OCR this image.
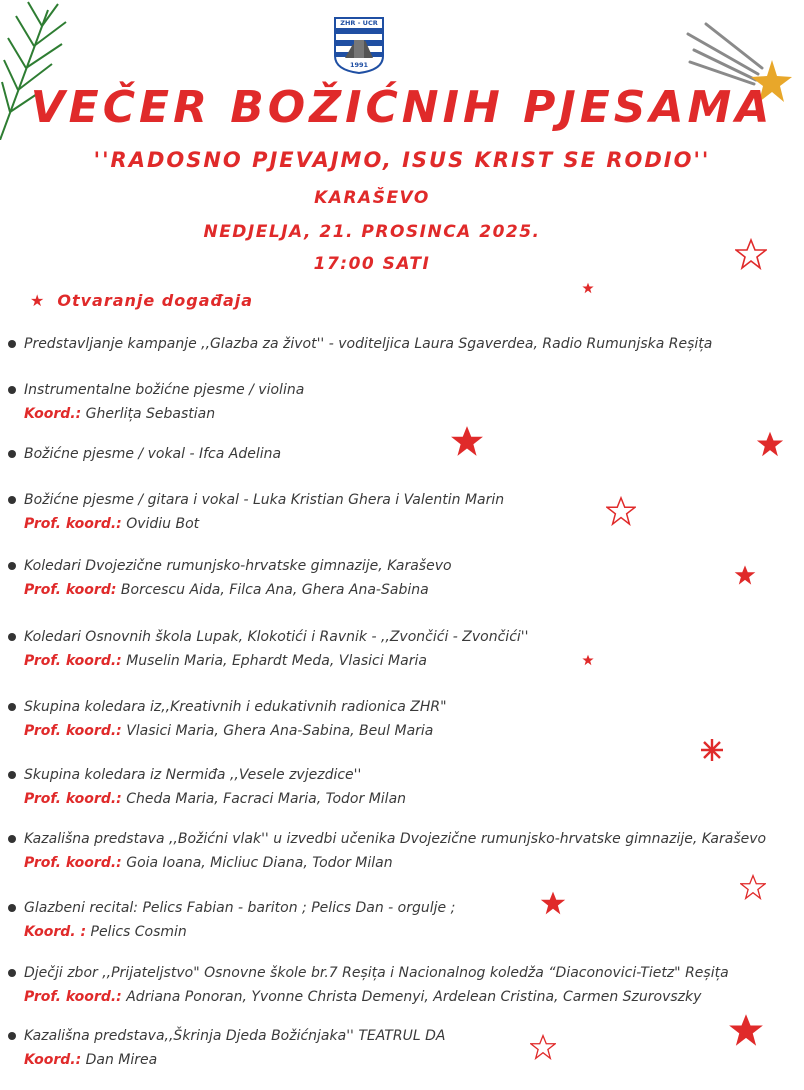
ZHR - UCR
1991
VEČER BOŽIĆNIH PJESAMA
''RADOSNO PJEVAJMO, ISUS KRIST SE RODIO''
KARAŠEVO
NEDJELJA, 21. PROSINCA 2025.
17:00 SATI
★ Otvaranje događaja
Predstavljanje kampanje ,,Glazba za život'' - voditeljica Laura Sgaverdea, Radio Rumunjska Reșița
Instrumentalne božićne pjesme / violina
Koord.: Gherlița Sebastian
Božićne pjesme / vokal - Ifca Adelina
Božićne pjesme / gitara i vokal - Luka Kristian Ghera i Valentin Marin
Prof. koord.: Ovidiu Bot
Koledari Dvojezične rumunjsko-hrvatske gimnazije, Karaševo
Prof. koord: Borcescu Aida, Filca Ana, Ghera Ana-Sabina
Koledari Osnovnih škola Lupak, Klokotići i Ravnik - ,,Zvončići - Zvončići''
Prof. koord.: Muselin Maria, Ephardt Meda, Vlasici Maria
Skupina koledara iz,,Kreativnih i edukativnih radionica ZHR"
Prof. koord.: Vlasici Maria, Ghera Ana-Sabina, Beul Maria
Skupina koledara iz Nermiđa ,,Vesele zvjezdice''
Prof. koord.: Cheda Maria, Facraci Maria, Todor Milan
Kazališna predstava ,,Božićni vlak'' u izvedbi učenika Dvojezične rumunjsko-hrvatske gimnazije, Karaševo
Prof. koord.: Goia Ioana, Micliuc Diana, Todor Milan
Glazbeni recital: Pelics Fabian - bariton ; Pelics Dan - orgulje ;
Koord. : Pelics Cosmin
Dječji zbor ,,Prijateljstvo" Osnovne škole br.7 Reșița i Nacionalnog koledža “Diaconovici-Tietz" Reșița
Prof. koord.: Adriana Ponoran, Yvonne Christa Demenyi, Ardelean Cristina, Carmen Szurovszky
Kazališna predstava,,Škrinja Djeda Božićnjaka'' TEATRUL DA
Koord.: Dan Mirea
